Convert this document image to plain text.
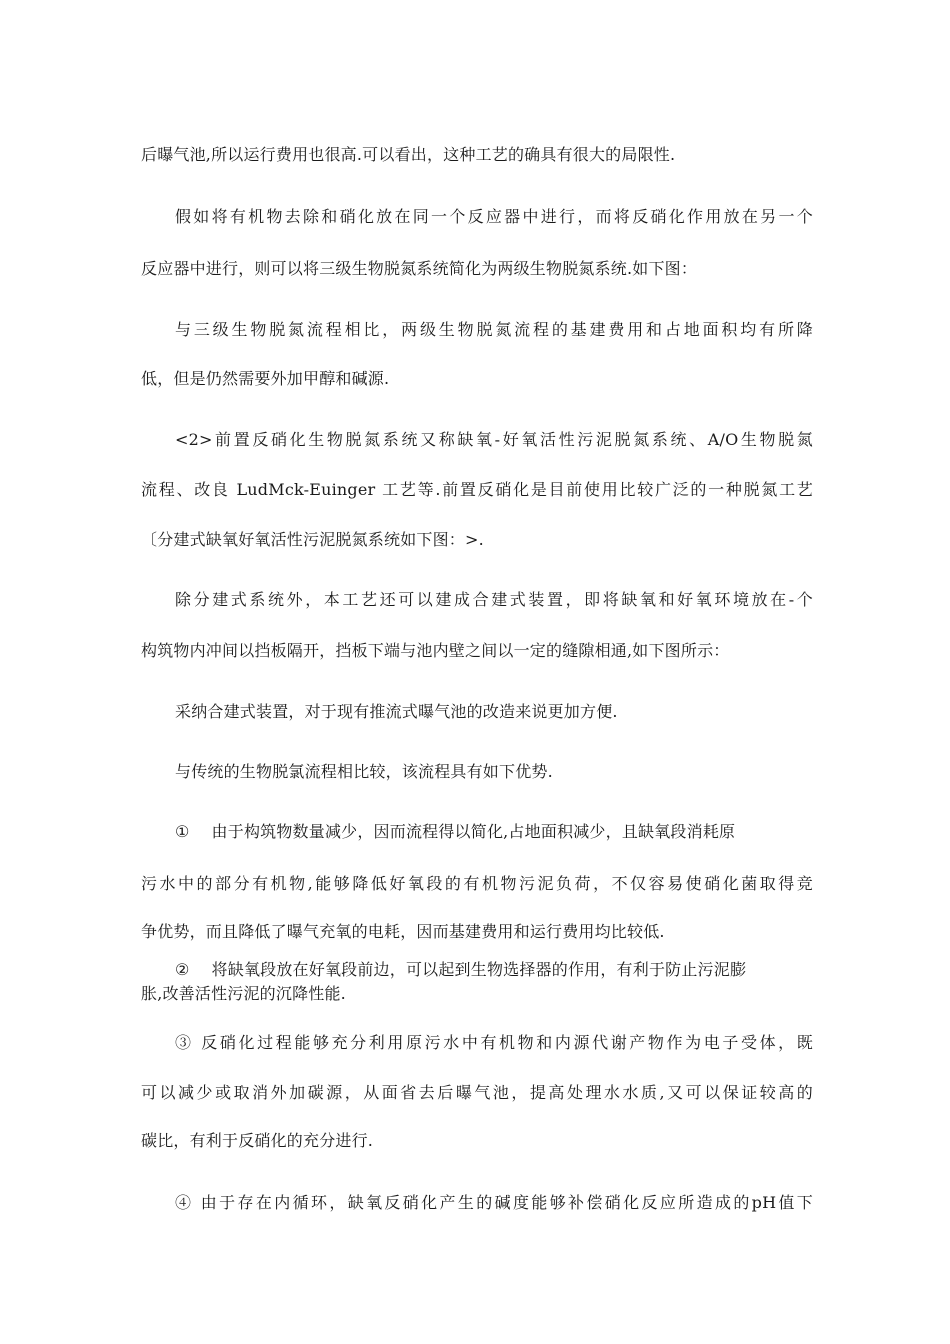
后曝气池,所以运行费用也很高.可以看出，这种工艺的确具有很大的局限性.
假如将有机物去除和硝化放在同一个反应器中进行，而将反硝化作用放在另一个
反应器中进行，则可以将三级生物脱氮系统简化为两级生物脱氮系统.如下图：
与三级生物脱氮流程相比，两级生物脱氮流程的基建费用和占地面积均有所降
低，但是仍然需要外加甲醇和碱源.
<2>前置反硝化生物脱氮系统又称缺氧-好氧活性污泥脱氮系统、A/O生物脱氮
流程、改良 LudMck-Euinger 工艺等.前置反硝化是目前使用比较广泛的一种脱氮工艺
〔分建式缺氧好氧活性污泥脱氮系统如下图：>.
除分建式系统外，本工艺还可以建成合建式装置，即将缺氧和好氧环境放在-个
构筑物内冲间以挡板隔开，挡板下端与池内壁之间以一定的缝隙相通,如下图所示：
采纳合建式装置，对于现有推流式曝气池的改造来说更加方便.
与传统的生物脱氯流程相比较，该流程具有如下优势.
① 由于构筑物数量减少，因而流程得以简化,占地面积减少，且缺氧段消耗原
污水中的部分有机物,能够降低好氧段的有机物污泥负荷，不仅容易使硝化菌取得竞
争优势，而且降低了曝气充氧的电耗，因而基建费用和运行费用均比较低.
② 将缺氧段放在好氧段前边，可以起到生物选择器的作用，有利于防止污泥膨
胀,改善活性污泥的沉降性能.
③ 反硝化过程能够充分利用原污水中有机物和内源代谢产物作为电子受体，既
可以减少或取消外加碳源，从面省去后曝气池，提高处理水水质,又可以保证较高的
碳比，有利于反硝化的充分进行.
④ 由于存在内循环，缺氧反硝化产生的碱度能够补偿硝化反应所造成的pH值下
